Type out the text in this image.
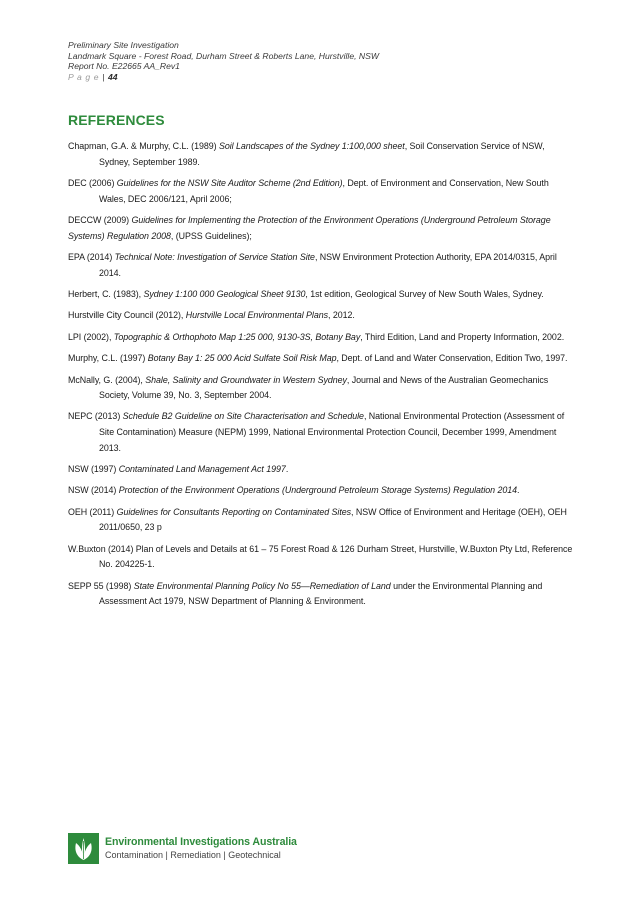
Preliminary Site Investigation
Landmark Square - Forest Road, Durham Street & Roberts Lane, Hurstville, NSW
Report No. E22665 AA_Rev1
P a g e | 44
REFERENCES

Chapman, G.A. & Murphy, C.L. (1989) Soil Landscapes of the Sydney 1:100,000 sheet, Soil Conservation Service of NSW, Sydney, September 1989.

DEC (2006) Guidelines for the NSW Site Auditor Scheme (2nd Edition), Dept. of Environment and Conservation, New South Wales, DEC 2006/121, April 2006;

DECCW (2009) Guidelines for Implementing the Protection of the Environment Operations (Underground Petroleum Storage Systems) Regulation 2008, (UPSS Guidelines);

EPA (2014) Technical Note: Investigation of Service Station Site, NSW Environment Protection Authority, EPA 2014/0315, April 2014.

Herbert, C. (1983), Sydney 1:100 000 Geological Sheet 9130, 1st edition, Geological Survey of New South Wales, Sydney.

Hurstville City Council (2012), Hurstville Local Environmental Plans, 2012.

LPI (2002), Topographic & Orthophoto Map 1:25 000, 9130-3S, Botany Bay, Third Edition, Land and Property Information, 2002.

Murphy, C.L. (1997) Botany Bay 1: 25 000 Acid Sulfate Soil Risk Map, Dept. of Land and Water Conservation, Edition Two, 1997.

McNally, G. (2004), Shale, Salinity and Groundwater in Western Sydney, Journal and News of the Australian Geomechanics Society, Volume 39, No. 3, September 2004.

NEPC (2013) Schedule B2 Guideline on Site Characterisation and Schedule, National Environmental Protection (Assessment of Site Contamination) Measure (NEPM) 1999, National Environmental Protection Council, December 1999, Amendment 2013.

NSW (1997) Contaminated Land Management Act 1997.

NSW (2014) Protection of the Environment Operations (Underground Petroleum Storage Systems) Regulation 2014.

OEH (2011) Guidelines for Consultants Reporting on Contaminated Sites, NSW Office of Environment and Heritage (OEH), OEH 2011/0650, 23 p

W.Buxton (2014) Plan of Levels and Details at 61 – 75 Forest Road & 126 Durham Street, Hurstville, W.Buxton Pty Ltd, Reference No. 204225-1.

SEPP 55 (1998) State Environmental Planning Policy No 55—Remediation of Land under the Environmental Planning and Assessment Act 1979, NSW Department of Planning & Environment.

Environmental Investigations Australia
Contamination | Remediation | Geotechnical
